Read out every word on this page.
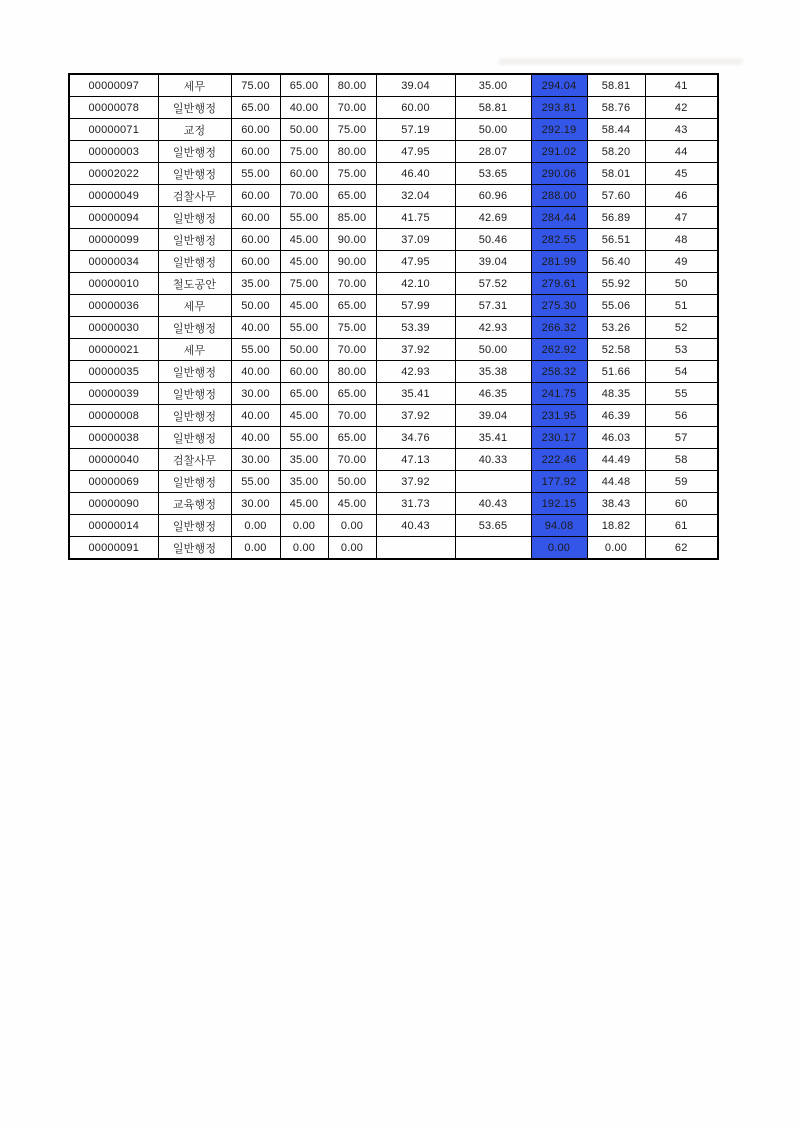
00000097	세무	75.00	65.00	80.00	39.04	35.00	294.04	58.81	41
00000078	일반행정	65.00	40.00	70.00	60.00	58.81	293.81	58.76	42
00000071	교정	60.00	50.00	75.00	57.19	50.00	292.19	58.44	43
00000003	일반행정	60.00	75.00	80.00	47.95	28.07	291.02	58.20	44
00002022	일반행정	55.00	60.00	75.00	46.40	53.65	290.06	58.01	45
00000049	검찰사무	60.00	70.00	65.00	32.04	60.96	288.00	57.60	46
00000094	일반행정	60.00	55.00	85.00	41.75	42.69	284.44	56.89	47
00000099	일반행정	60.00	45.00	90.00	37.09	50.46	282.55	56.51	48
00000034	일반행정	60.00	45.00	90.00	47.95	39.04	281.99	56.40	49
00000010	철도공안	35.00	75.00	70.00	42.10	57.52	279.61	55.92	50
00000036	세무	50.00	45.00	65.00	57.99	57.31	275.30	55.06	51
00000030	일반행정	40.00	55.00	75.00	53.39	42.93	266.32	53.26	52
00000021	세무	55.00	50.00	70.00	37.92	50.00	262.92	52.58	53
00000035	일반행정	40.00	60.00	80.00	42.93	35.38	258.32	51.66	54
00000039	일반행정	30.00	65.00	65.00	35.41	46.35	241.75	48.35	55
00000008	일반행정	40.00	45.00	70.00	37.92	39.04	231.95	46.39	56
00000038	일반행정	40.00	55.00	65.00	34.76	35.41	230.17	46.03	57
00000040	검찰사무	30.00	35.00	70.00	47.13	40.33	222.46	44.49	58
00000069	일반행정	55.00	35.00	50.00	37.92		177.92	44.48	59
00000090	교육행정	30.00	45.00	45.00	31.73	40.43	192.15	38.43	60
00000014	일반행정	0.00	0.00	0.00	40.43	53.65	94.08	18.82	61
00000091	일반행정	0.00	0.00	0.00			0.00	0.00	62
